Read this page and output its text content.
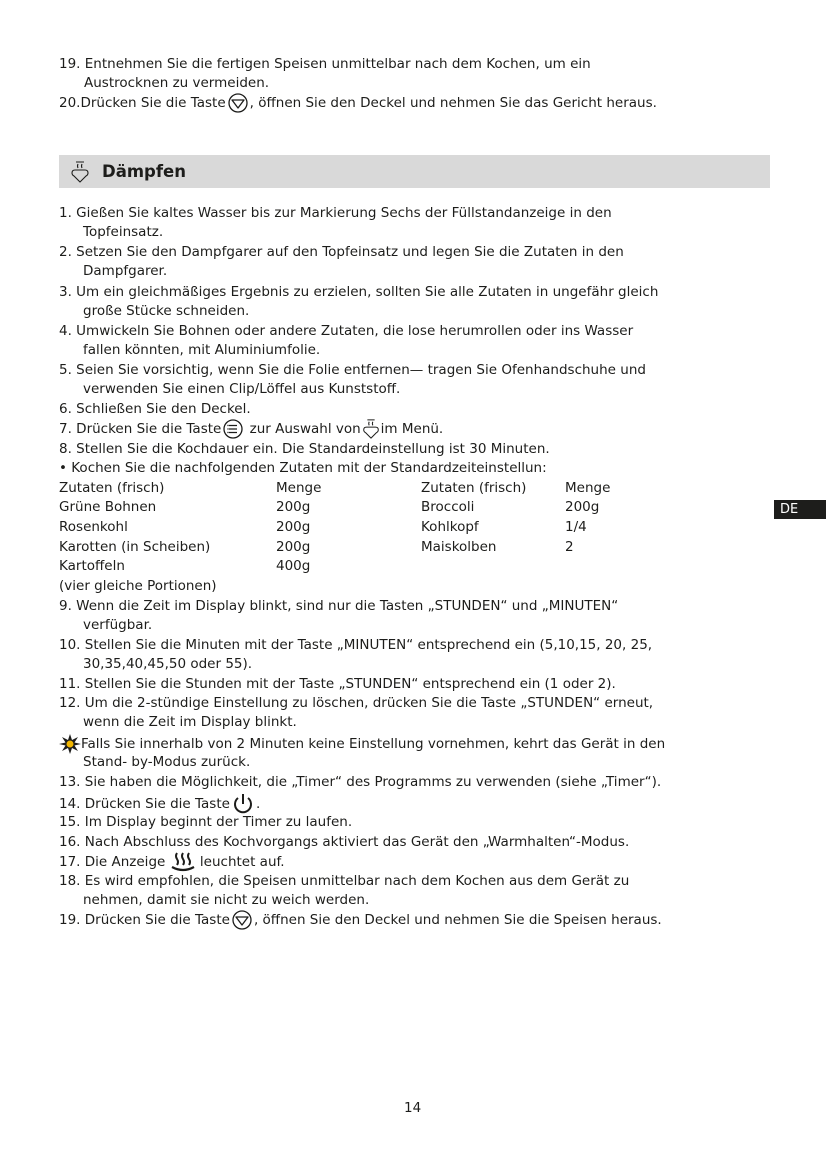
19. Entnehmen Sie die fertigen Speisen unmittelbar nach dem Kochen, um ein
Austrocknen zu vermeiden.
20.Drücken Sie die Taste , öffnen Sie den Deckel und nehmen Sie das Gericht heraus.
Dämpfen
1. Gießen Sie kaltes Wasser bis zur Markierung Sechs der Füllstandanzeige in den
Topfeinsatz.
2. Setzen Sie den Dampfgarer auf den Topfeinsatz und legen Sie die Zutaten in den
Dampfgarer.
3. Um ein gleichmäßiges Ergebnis zu erzielen, sollten Sie alle Zutaten in ungefähr gleich
große Stücke schneiden.
4. Umwickeln Sie Bohnen oder andere Zutaten, die lose herumrollen oder ins Wasser
fallen könnten, mit Aluminiumfolie.
5. Seien Sie vorsichtig, wenn Sie die Folie entfernen— tragen Sie Ofenhandschuhe und
verwenden Sie einen Clip/Löffel aus Kunststoff.
6. Schließen Sie den Deckel.
7. Drücken Sie die Taste zur Auswahl von im Menü.
8. Stellen Sie die Kochdauer ein. Die Standardeinstellung ist 30 Minuten.
• Kochen Sie die nachfolgenden Zutaten mit der Standardzeiteinstellun:
Zutaten (frisch)	Menge	Zutaten (frisch)	Menge
Grüne Bohnen	200g	Broccoli	200g
Rosenkohl	200g	Kohlkopf	1/4
Karotten (in Scheiben)	200g	Maiskolben	2
Kartoffeln	400g
(vier gleiche Portionen)
9. Wenn die Zeit im Display blinkt, sind nur die Tasten „STUNDEN“ und „MINUTEN“
verfügbar.
10. Stellen Sie die Minuten mit der Taste „MINUTEN“ entsprechend ein (5,10,15, 20, 25,
30,35,40,45,50 oder 55).
11. Stellen Sie die Stunden mit der Taste „STUNDEN“ entsprechend ein (1 oder 2).
12. Um die 2-stündige Einstellung zu löschen, drücken Sie die Taste „STUNDEN“ erneut,
wenn die Zeit im Display blinkt.
Falls Sie innerhalb von 2 Minuten keine Einstellung vornehmen, kehrt das Gerät in den
Stand- by-Modus zurück.
13. Sie haben die Möglichkeit, die „Timer“ des Programms zu verwenden (siehe „Timer“).
14. Drücken Sie die Taste .
15. Im Display beginnt der Timer zu laufen.
16. Nach Abschluss des Kochvorgangs aktiviert das Gerät den „Warmhalten“-Modus.
17. Die Anzeige	leuchtet auf.
18. Es wird empfohlen, die Speisen unmittelbar nach dem Kochen aus dem Gerät zu
nehmen, damit sie nicht zu weich werden.
19. Drücken Sie die Taste , öffnen Sie den Deckel und nehmen Sie die Speisen heraus.
DE
14
